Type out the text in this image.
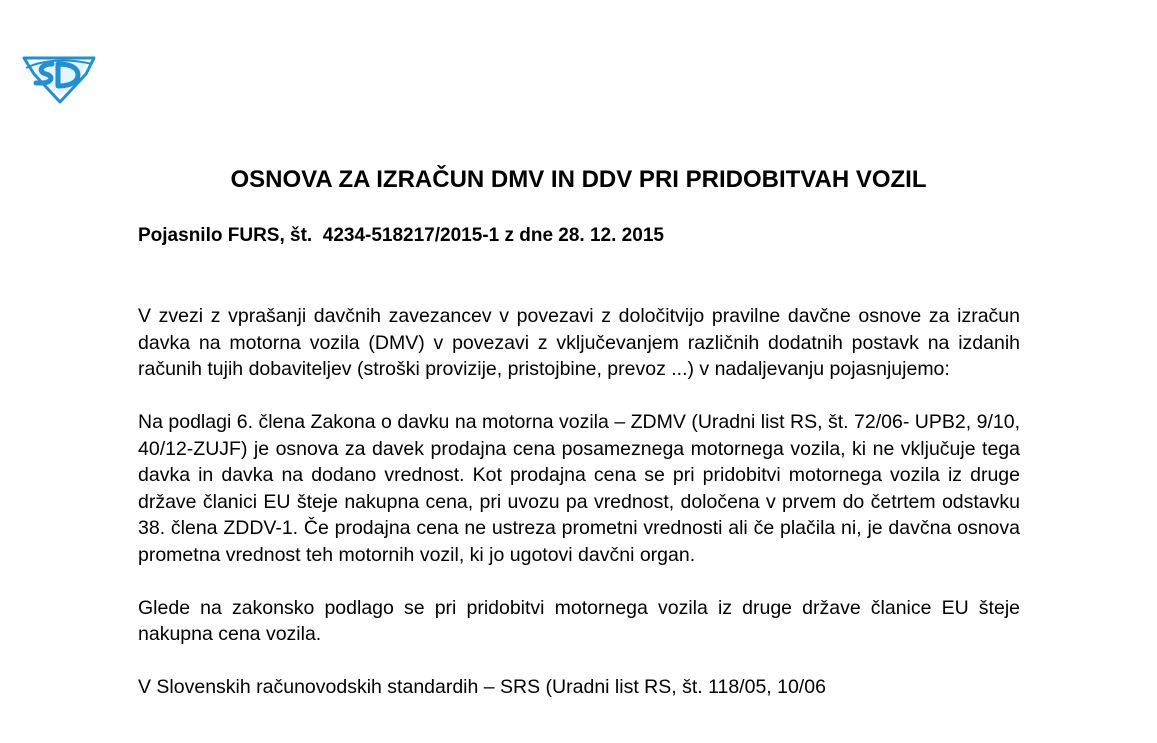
OSNOVA ZA IZRAČUN DMV IN DDV PRI PRIDOBITVAH VOZIL
Pojasnilo FURS, št.  4234-518217/2015-1 z dne 28. 12. 2015

V zvezi z vprašanji davčnih zavezancev v povezavi z določitvijo pravilne davčne osnove za izračun davka na motorna vozila (DMV) v povezavi z vključevanjem različnih dodatnih postavk na izdanih računih tujih dobaviteljev (stroški provizije, pristojbine, prevoz ...) v nadaljevanju pojasnjujemo:

Na podlagi 6. člena Zakona o davku na motorna vozila – ZDMV (Uradni list RS, št. 72/06- UPB2, 9/10, 40/12-ZUJF) je osnova za davek prodajna cena posameznega motornega vozila, ki ne vključuje tega davka in davka na dodano vrednost. Kot prodajna cena se pri pridobitvi motornega vozila iz druge države članici EU šteje nakupna cena, pri uvozu pa vrednost, določena v prvem do četrtem odstavku 38. člena ZDDV-1. Če prodajna cena ne ustreza prometni vrednosti ali če plačila ni, je davčna osnova prometna vrednost teh motornih vozil, ki jo ugotovi davčni organ.

Glede na zakonsko podlago se pri pridobitvi motornega vozila iz druge države članice EU šteje nakupna cena vozila.

V Slovenskih računovodskih standardih – SRS (Uradni list RS, št. 118/05, 10/06
